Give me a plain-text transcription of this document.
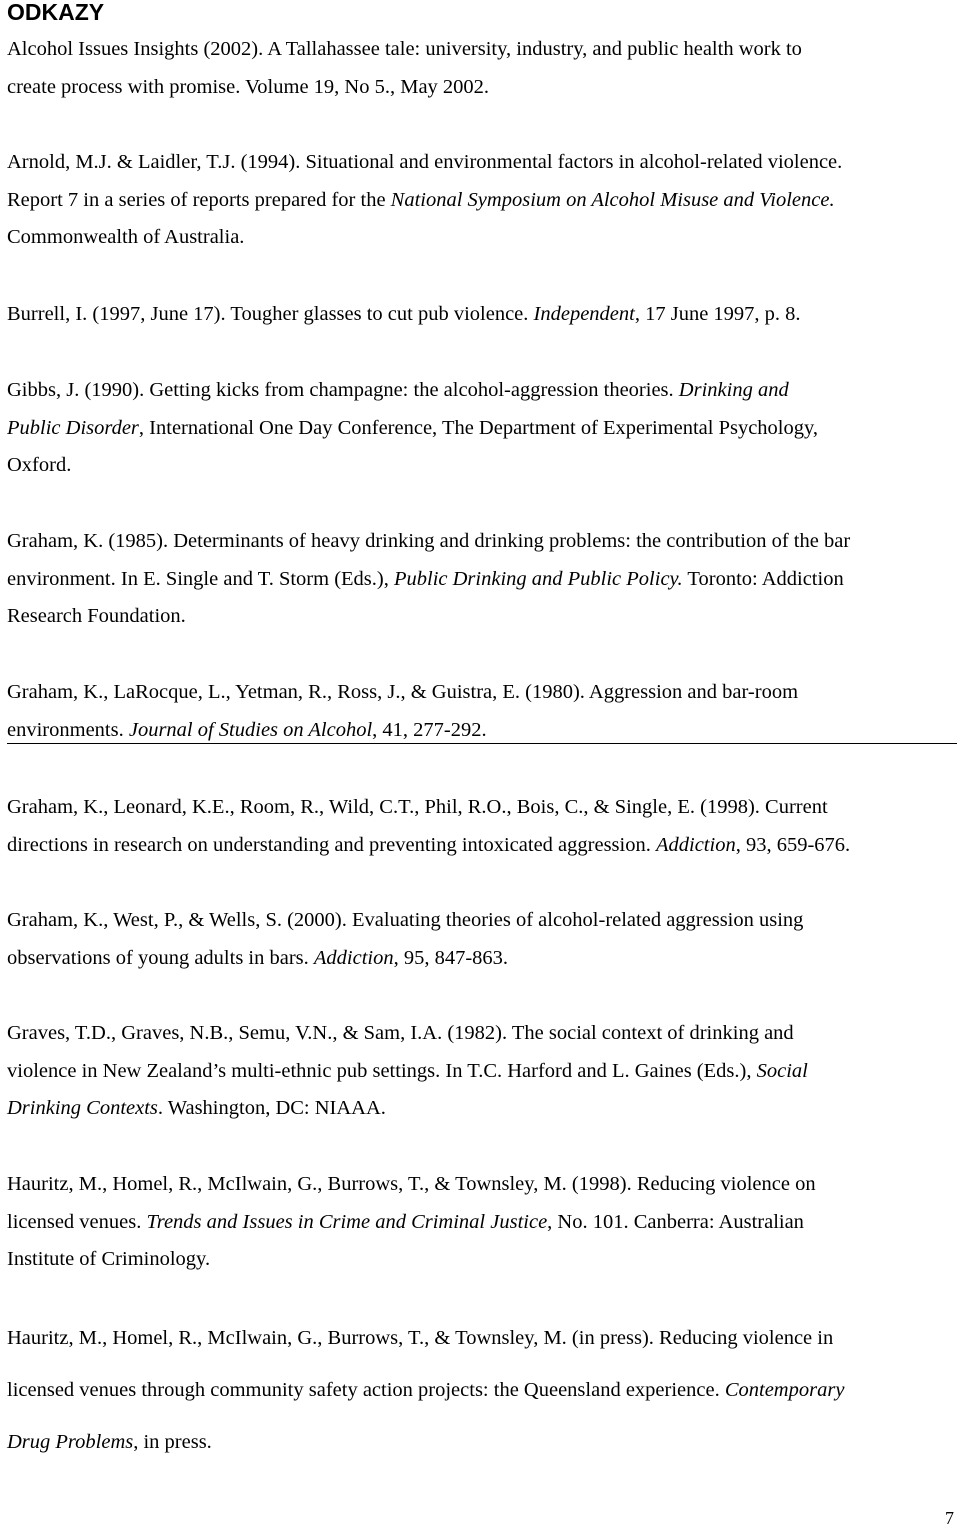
ODKAZY
Alcohol Issues Insights (2002). A Tallahassee tale: university, industry, and public health work to
create process with promise. Volume 19, No 5., May 2002.
Arnold, M.J. & Laidler, T.J. (1994). Situational and environmental factors in alcohol-related violence.
Report 7 in a series of reports prepared for the National Symposium on Alcohol Misuse and Violence.
Commonwealth of Australia.
Burrell, I. (1997, June 17). Tougher glasses to cut pub violence. Independent, 17 June 1997, p. 8.
Gibbs, J. (1990). Getting kicks from champagne: the alcohol-aggression theories. Drinking and
Public Disorder, International One Day Conference, The Department of Experimental Psychology,
Oxford.
Graham, K. (1985). Determinants of heavy drinking and drinking problems: the contribution of the bar
environment. In E. Single and T. Storm (Eds.), Public Drinking and Public Policy. Toronto: Addiction
Research Foundation.
Graham, K., LaRocque, L., Yetman, R., Ross, J., & Guistra, E. (1980). Aggression and bar-room
environments. Journal of Studies on Alcohol, 41, 277-292.
Graham, K., Leonard, K.E., Room, R., Wild, C.T., Phil, R.O., Bois, C., & Single, E. (1998). Current
directions in research on understanding and preventing intoxicated aggression. Addiction, 93, 659-676.
Graham, K., West, P., & Wells, S. (2000). Evaluating theories of alcohol-related aggression using
observations of young adults in bars. Addiction, 95, 847-863.
Graves, T.D., Graves, N.B., Semu, V.N., & Sam, I.A. (1982). The social context of drinking and
violence in New Zealand’s multi-ethnic pub settings. In T.C. Harford and L. Gaines (Eds.), Social
Drinking Contexts. Washington, DC: NIAAA.
Hauritz, M., Homel, R., McIlwain, G., Burrows, T., & Townsley, M. (1998). Reducing violence on
licensed venues. Trends and Issues in Crime and Criminal Justice, No. 101. Canberra: Australian
Institute of Criminology.
Hauritz, M., Homel, R., McIlwain, G., Burrows, T., & Townsley, M. (in press). Reducing violence in
licensed venues through community safety action projects: the Queensland experience. Contemporary
Drug Problems, in press.
7
